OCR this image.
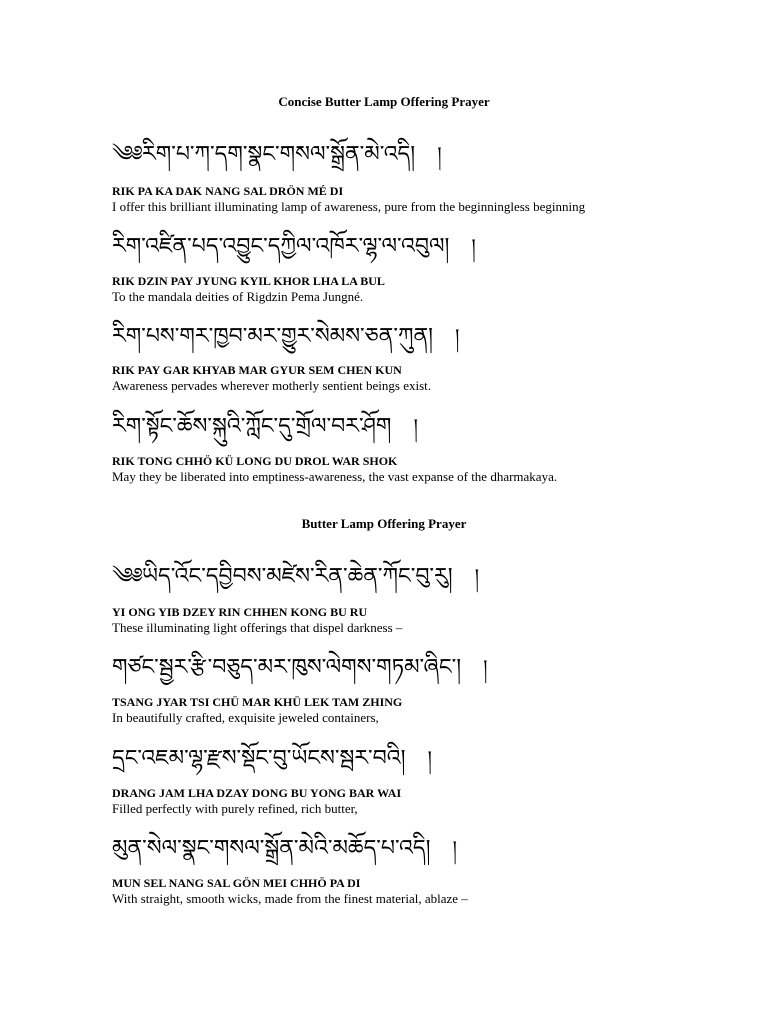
Concise Butter Lamp Offering Prayer
༄༅རིག་པ་ཀ་དག་སྣང་གསལ་སྒྲོན་མེ་འདི། །
RIK PA KA DAK NANG SAL DRÖN MÉ DI
I offer this brilliant illuminating lamp of awareness, pure from the beginningless beginning
རིག་འཛིན་པད་འབྱུང་དཀྱིལ་འཁོར་ལྷ་ལ་འབུལ། །
RIK DZIN PAY JYUNG KYIL KHOR LHA LA BUL
To the mandala deities of Rigdzin Pema Jungné.
རིག་པས་གར་ཁྱབ་མར་གྱུར་སེམས་ཅན་ཀུན། །
RIK PAY GAR KHYAB MAR GYUR SEM CHEN KUN
Awareness pervades wherever motherly sentient beings exist.
རིག་སྟོང་ཆོས་སྐུའི་ཀློང་དུ་གྲོལ་བར་ཤོག །
RIK TONG CHHÖ KÜ LONG DU DROL WAR SHOK
May they be liberated into emptiness-awareness, the vast expanse of the dharmakaya.
Butter Lamp Offering Prayer
༄༅ཡིད་འོང་དབྱིབས་མཛེས་རིན་ཆེན་ཀོང་བུ་རུ། །
YI ONG YIB DZEY RIN CHHEN KONG BU RU
These illuminating light offerings that dispel darkness –
གཙང་སྦྱར་རྩི་བཅུད་མར་ཁུས་ལེགས་གཏམ་ཞིང་། །
TSANG JYAR TSI CHÜ MAR KHÜ LEK TAM ZHING
In beautifully crafted, exquisite jeweled containers,
དྲང་འཇམ་ལྷ་རྫས་སྡོང་བུ་ཡོངས་སྦར་བའི། །
DRANG JAM LHA DZAY DONG BU YONG BAR WAI
Filled perfectly with purely refined, rich butter,
མུན་སེལ་སྣང་གསལ་སྒྲོན་མེའི་མཆོད་པ་འདི། །
MUN SEL NANG SAL GÖN MEI CHHÖ PA DI
With straight, smooth wicks, made from the finest material, ablaze –
